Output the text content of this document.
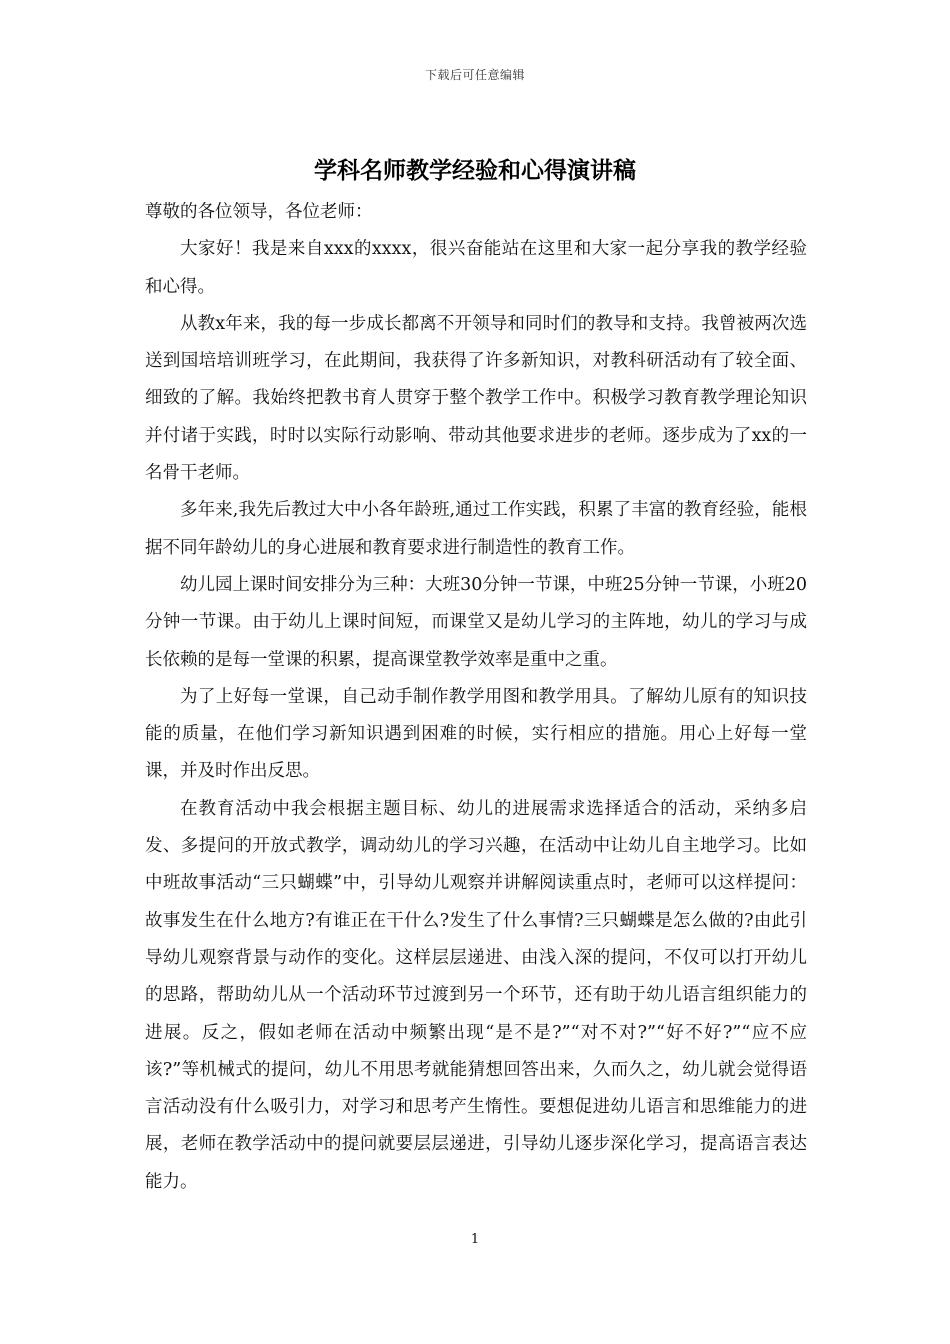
下载后可任意编辑
学科名师教学经验和心得演讲稿

尊敬的各位领导，各位老师：

大家好！我是来自xxx的xxxx，很兴奋能站在这里和大家一起分享我的教学经验和心得。

从教x年来，我的每一步成长都离不开领导和同时们的教导和支持。我曾被两次选送到国培培训班学习，在此期间，我获得了许多新知识，对教科研活动有了较全面、细致的了解。我始终把教书育人贯穿于整个教学工作中。积极学习教育教学理论知识并付诸于实践，时时以实际行动影响、带动其他要求进步的老师。逐步成为了xx的一名骨干老师。

多年来,我先后教过大中小各年龄班,通过工作实践，积累了丰富的教育经验，能根据不同年龄幼儿的身心进展和教育要求进行制造性的教育工作。

幼儿园上课时间安排分为三种：大班30分钟一节课，中班25分钟一节课，小班20分钟一节课。由于幼儿上课时间短，而课堂又是幼儿学习的主阵地，幼儿的学习与成长依赖的是每一堂课的积累，提高课堂教学效率是重中之重。

为了上好每一堂课，自己动手制作教学用图和教学用具。了解幼儿原有的知识技能的质量，在他们学习新知识遇到困难的时候，实行相应的措施。用心上好每一堂课，并及时作出反思。

在教育活动中我会根据主题目标、幼儿的进展需求选择适合的活动，采纳多启发、多提问的开放式教学，调动幼儿的学习兴趣，在活动中让幼儿自主地学习。比如中班故事活动“三只蝴蝶”中，引导幼儿观察并讲解阅读重点时，老师可以这样提问：故事发生在什么地方?有谁正在干什么?发生了什么事情?三只蝴蝶是怎么做的?由此引导幼儿观察背景与动作的变化。这样层层递进、由浅入深的提问，不仅可以打开幼儿的思路，帮助幼儿从一个活动环节过渡到另一个环节，还有助于幼儿语言组织能力的进展。反之，假如老师在活动中频繁出现“是不是?”“对不对?”“好不好?”“应不应该?”等机械式的提问，幼儿不用思考就能猜想回答出来，久而久之，幼儿就会觉得语言活动没有什么吸引力，对学习和思考产生惰性。要想促进幼儿语言和思维能力的进展，老师在教学活动中的提问就要层层递进，引导幼儿逐步深化学习，提高语言表达能力。

1
